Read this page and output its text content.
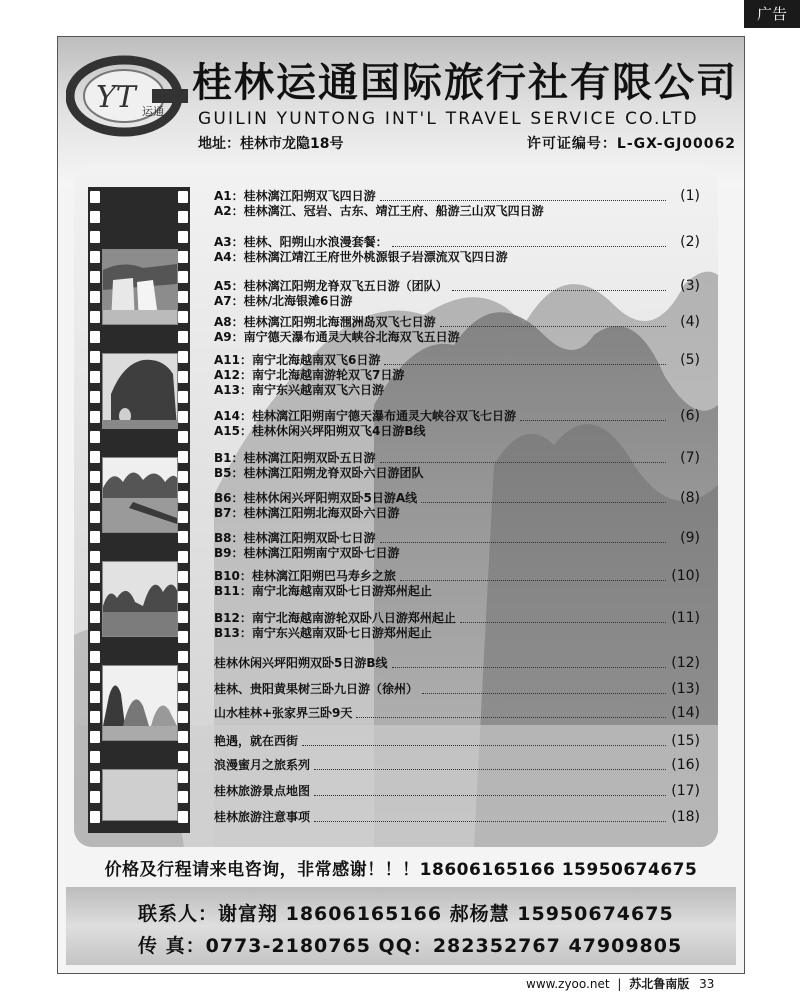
广告
YT 运通
桂林运通国际旅行社有限公司
GUILIN YUNTONG INT'L TRAVEL SERVICE CO.LTD
地址：桂林市龙隐18号	许可证编号：L-GX-GJ00062
A1：桂林漓江阳朔双飞四日游	(1)
A2：桂林漓江、冠岩、古东、靖江王府、船游三山双飞四日游
A3：桂林、阳朔山水浪漫套餐：	(2)
A4：桂林漓江靖江王府世外桃源银子岩漂流双飞四日游
A5：桂林漓江阳朔龙脊双飞五日游（团队）	(3)
A7：桂林/北海银滩6日游
A8：桂林漓江阳朔北海涠洲岛双飞七日游	(4)
A9：南宁德天瀑布通灵大峡谷北海双飞五日游
A11：南宁北海越南双飞6日游	(5)
A12：南宁北海越南游轮双飞7日游
A13：南宁东兴越南双飞六日游
A14：桂林漓江阳朔南宁德天瀑布通灵大峡谷双飞七日游	(6)
A15：桂林休闲兴坪阳朔双飞4日游B线
B1：桂林漓江阳朔双卧五日游	(7)
B5：桂林漓江阳朔龙脊双卧六日游团队
B6：桂林休闲兴坪阳朔双卧5日游A线	(8)
B7：桂林漓江阳朔北海双卧六日游
B8：桂林漓江阳朔双卧七日游	(9)
B9：桂林漓江阳朔南宁双卧七日游
B10：桂林漓江阳朔巴马寿乡之旅	(10)
B11：南宁北海越南双卧七日游郑州起止
B12：南宁北海越南游轮双卧八日游郑州起止	(11)
B13：南宁东兴越南双卧七日游郑州起止
桂林休闲兴坪阳朔双卧5日游B线	(12)
桂林、贵阳黄果树三卧九日游（徐州）	(13)
山水桂林+张家界三卧9天	(14)
艳遇，就在西街	(15)
浪漫蜜月之旅系列	(16)
桂林旅游景点地图	(17)
桂林旅游注意事项	(18)
价格及行程请来电咨询，非常感谢！！！18606165166 15950674675
联系人：谢富翔 18606165166 郝杨慧 15950674675
传 真：0773-2180765 QQ：282352767 47909805
www.zyoo.net | 苏北鲁南版 33
